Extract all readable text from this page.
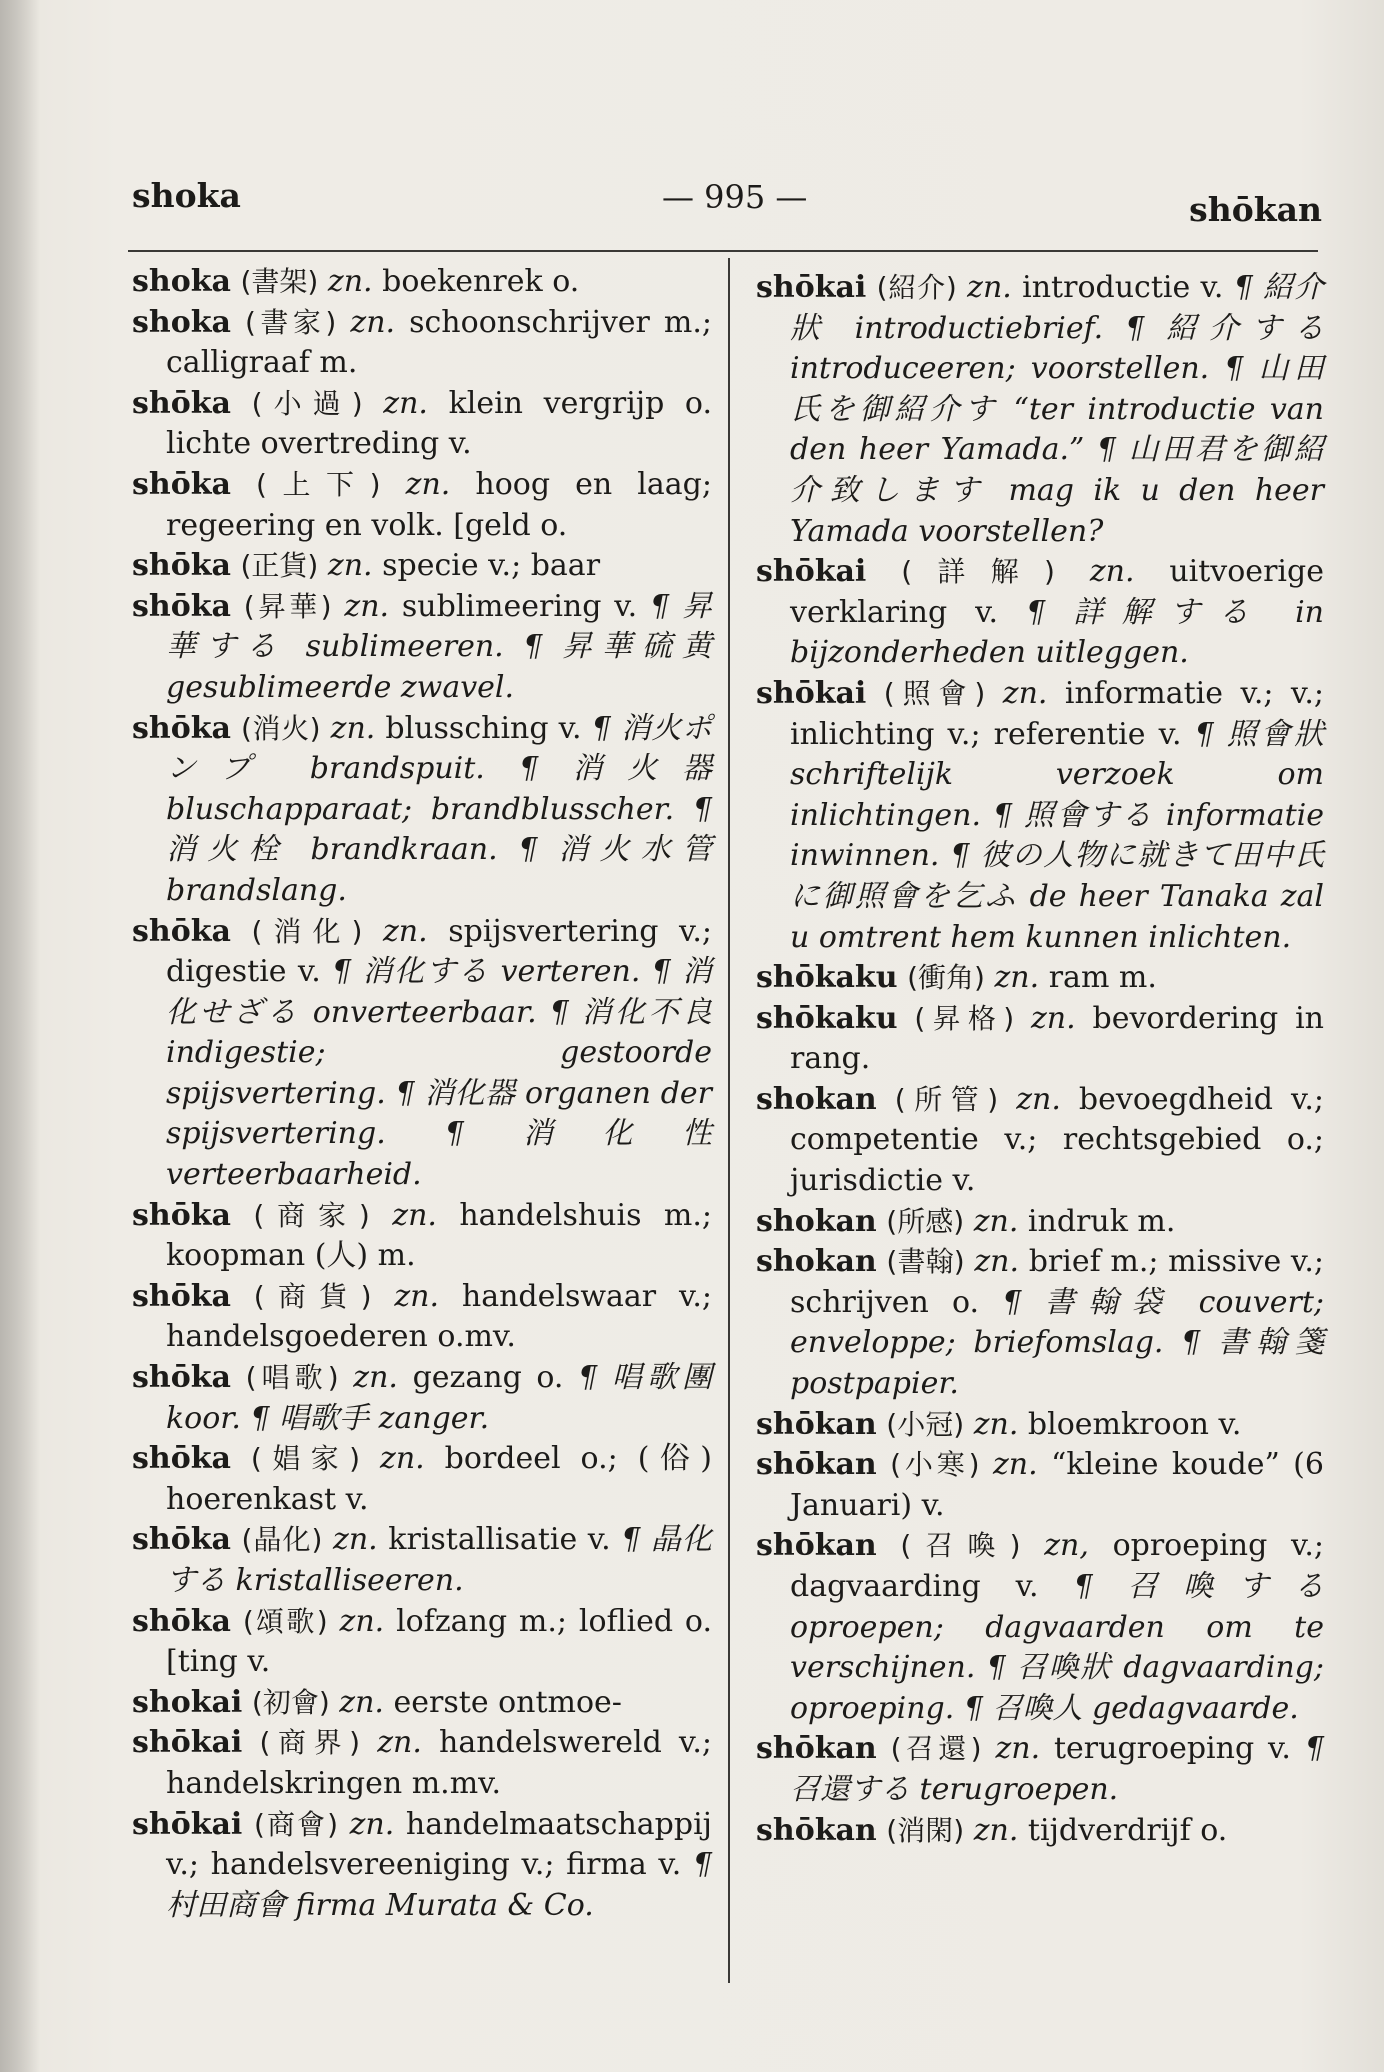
shoka	— 995 —	shōkan
shoka (書架) zn. boekenrek o.
shoka (書家) zn. schoonschrijver m.; calligraaf m.
shōka (小過) zn. klein vergrijp o. lichte overtreding v.
shōka (上下) zn. hoog en laag; regeering en volk. [geld o.
shōka (正貨) zn. specie v.; baar
shōka (昇華) zn. sublimeering v. ¶ 昇華する sublimeeren. ¶ 昇華硫黄 gesublimeerde zwavel.
shōka (消火) zn. blussching v. ¶ 消火ポンプ brandspuit. ¶ 消火器 bluschapparaat; brandblusscher. ¶ 消火栓 brandkraan. ¶ 消火水管 brandslang.
shōka (消化) zn. spijsvertering v.; digestie v. ¶ 消化する verteren. ¶ 消化せざる onverteerbaar. ¶ 消化不良 indigestie; gestoorde spijsvertering. ¶ 消化器 organen der spijsvertering. ¶ 消化性 verteerbaarheid.
shōka (商家) zn. handelshuis m.; koopman (人) m.
shōka (商貨) zn. handelswaar v.; handelsgoederen o.mv.
shōka (唱歌) zn. gezang o. ¶ 唱歌團 koor. ¶ 唱歌手 zanger.
shōka (娼家) zn. bordeel o.; (俗) hoerenkast v.
shōka (晶化) zn. kristallisatie v. ¶ 晶化する kristalliseeren.
shōka (頌歌) zn. lofzang m.; loflied o. [ting v.
shokai (初會) zn. eerste ontmoe-
shōkai (商界) zn. handelswereld v.; handelskringen m.mv.
shōkai (商會) zn. handelmaatschappij v.; handelsvereeniging v.; firma v. ¶ 村田商會 firma Murata & Co.
shōkai (紹介) zn. introductie v. ¶ 紹介狀 introductiebrief. ¶ 紹介する introduceeren; voorstellen. ¶ 山田氏を御紹介す “ter introductie van den heer Yamada.” ¶ 山田君を御紹介致します mag ik u den heer Yamada voorstellen?
shōkai (詳解) zn. uitvoerige verklaring v. ¶ 詳解する in bijzonderheden uitleggen.
shōkai (照會) zn. informatie v.; v.; inlichting v.; referentie v. ¶ 照會狀 schriftelijk verzoek om inlichtingen. ¶ 照會する informatie inwinnen. ¶ 彼の人物に就きて田中氏に御照會を乞ふ de heer Tanaka zal u omtrent hem kunnen inlichten.
shōkaku (衝角) zn. ram m.
shōkaku (昇格) zn. bevordering in rang.
shokan (所管) zn. bevoegdheid v.; competentie v.; rechtsgebied o.; jurisdictie v.
shokan (所感) zn. indruk m.
shokan (書翰) zn. brief m.; missive v.; schrijven o. ¶ 書翰袋 couvert; enveloppe; briefomslag. ¶ 書翰箋 postpapier.
shōkan (小冠) zn. bloemkroon v.
shōkan (小寒) zn. “kleine koude” (6 Januari) v.
shōkan (召喚) zn, oproeping v.; dagvaarding v. ¶ 召喚する oproepen; dagvaarden om te verschijnen. ¶ 召喚狀 dagvaarding; oproeping. ¶ 召喚人 gedagvaarde.
shōkan (召還) zn. terugroeping v. ¶ 召還する terugroepen.
shōkan (消閑) zn. tijdverdrijf o.
